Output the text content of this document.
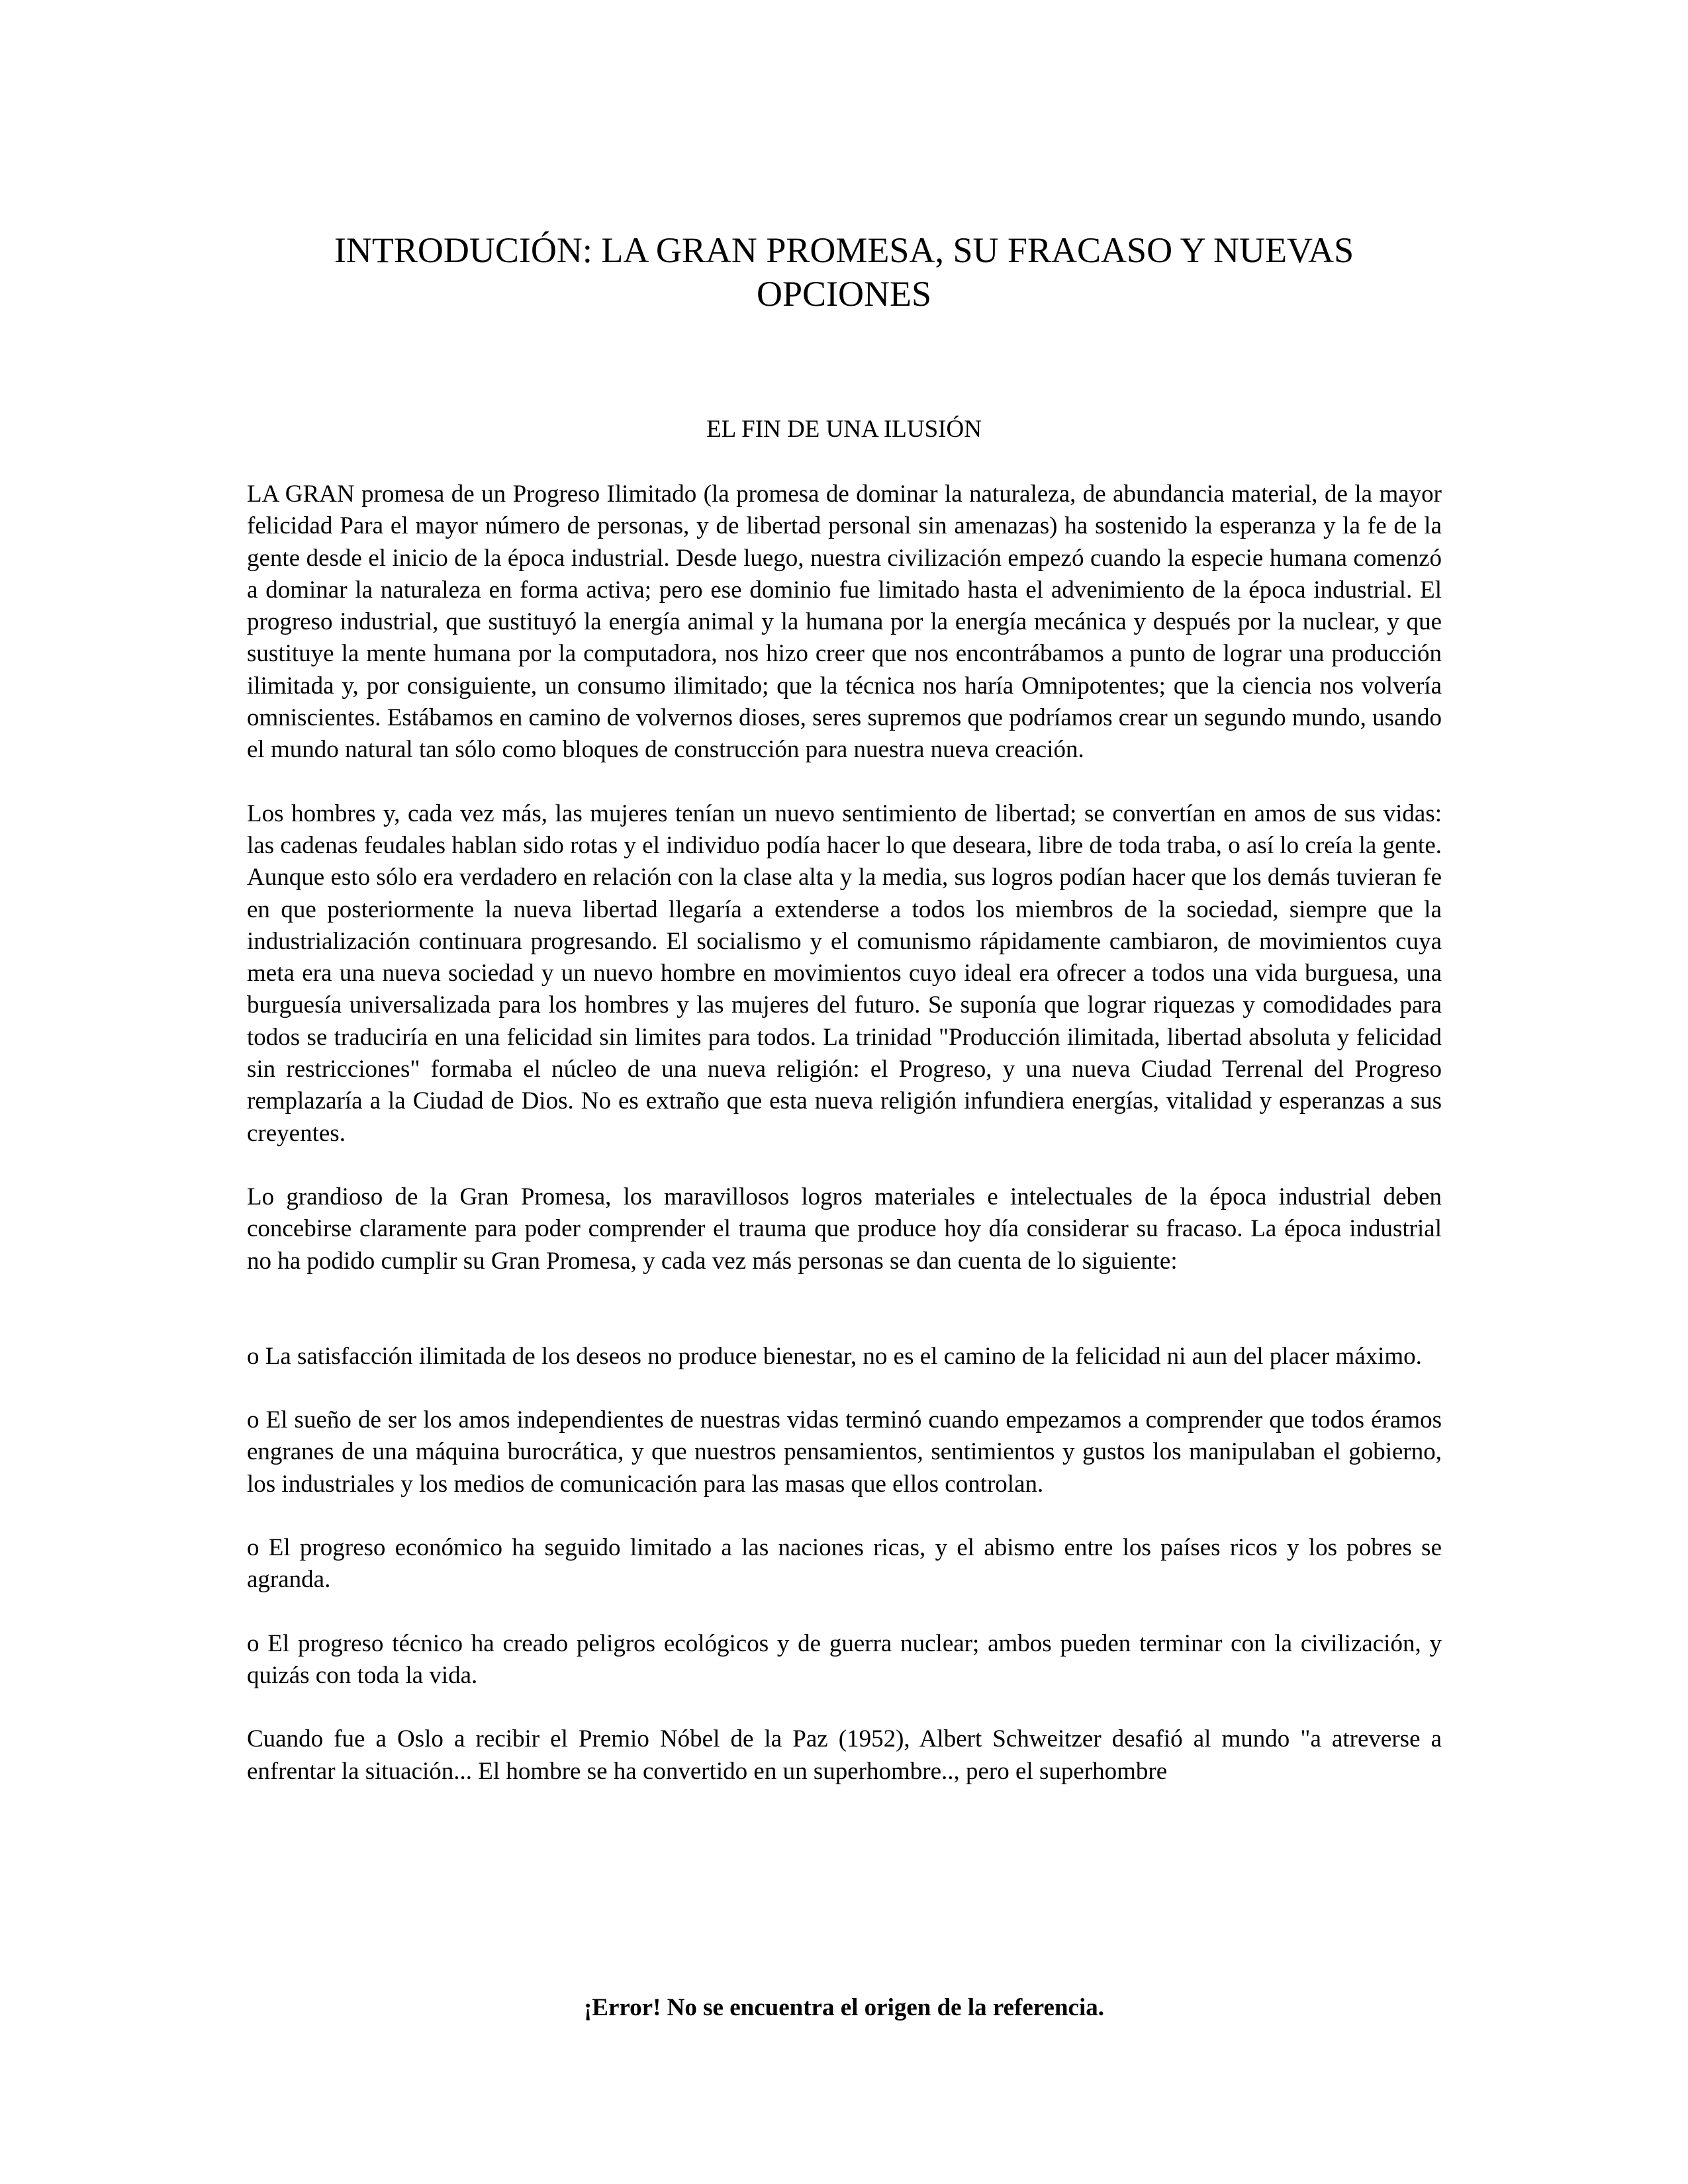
INTRODUCIÓN: LA GRAN PROMESA, SU FRACASO Y NUEVAS OPCIONES
EL FIN DE UNA ILUSIÓN

LA GRAN promesa de un Progreso Ilimitado (la promesa de dominar la naturaleza, de abundancia material, de la mayor felicidad Para el mayor número de personas, y de libertad personal sin amenazas) ha sostenido la esperanza y la fe de la gente desde el inicio de la época industrial. Desde luego, nuestra civilización empezó cuando la especie humana comenzó a dominar la naturaleza en forma activa; pero ese dominio fue limitado hasta el advenimiento de la época industrial. El progreso industrial, que sustituyó la energía animal y la humana por la energía mecánica y después por la nuclear, y que sustituye la mente humana por la computadora, nos hizo creer que nos encontrábamos a punto de lograr una producción ilimitada y, por consiguiente, un consumo ilimitado; que la técnica nos haría Omnipotentes; que la ciencia nos volvería omniscientes. Estábamos en camino de volvernos dioses, seres supremos que podríamos crear un segundo mundo, usando el mundo natural tan sólo como bloques de construcción para nuestra nueva creación.

Los hombres y, cada vez más, las mujeres tenían un nuevo sentimiento de libertad; se convertían en amos de sus vidas: las cadenas feudales hablan sido rotas y el individuo podía hacer lo que deseara, libre de toda traba, o así lo creía la gente. Aunque esto sólo era verdadero en relación con la clase alta y la media, sus logros podían hacer que los demás tuvieran fe en que posteriormente la nueva libertad llegaría a extenderse a todos los miembros de la sociedad, siempre que la industrialización continuara progresando. El socialismo y el comunismo rápidamente cambiaron, de movimientos cuya meta era una nueva sociedad y un nuevo hombre en movimientos cuyo ideal era ofrecer a todos una vida burguesa, una burguesía universalizada para los hombres y las mujeres del futuro. Se suponía que lograr riquezas y comodidades para todos se traduciría en una felicidad sin limites para todos. La trinidad "Producción ilimitada, libertad absoluta y felicidad sin restricciones" formaba el núcleo de una nueva religión: el Progreso, y una nueva Ciudad Terrenal del Progreso remplazaría a la Ciudad de Dios. No es extraño que esta nueva religión infundiera energías, vitalidad y esperanzas a sus creyentes.

Lo grandioso de la Gran Promesa, los maravillosos logros materiales e intelectuales de la época industrial deben concebirse claramente para poder comprender el trauma que produce hoy día considerar su fracaso. La época industrial no ha podido cumplir su Gran Promesa, y cada vez más personas se dan cuenta de lo siguiente:

o La satisfacción ilimitada de los deseos no produce bienestar, no es el camino de la felicidad ni aun del placer máximo.

o El sueño de ser los amos independientes de nuestras vidas terminó cuando empezamos a comprender que todos éramos engranes de una máquina burocrática, y que nuestros pensamientos, sentimientos y gustos los manipulaban el gobierno, los industriales y los medios de comunicación para las masas que ellos controlan.

o El progreso económico ha seguido limitado a las naciones ricas, y el abismo entre los países ricos y los pobres se agranda.

o El progreso técnico ha creado peligros ecológicos y de guerra nuclear; ambos pueden terminar con la civilización, y quizás con toda la vida.

Cuando fue a Oslo a recibir el Premio Nóbel de la Paz (1952), Albert Schweitzer desafió al mundo "a atreverse a enfrentar la situación... El hombre se ha convertido en un superhombre.., pero el superhombre

¡Error! No se encuentra el origen de la referencia.
